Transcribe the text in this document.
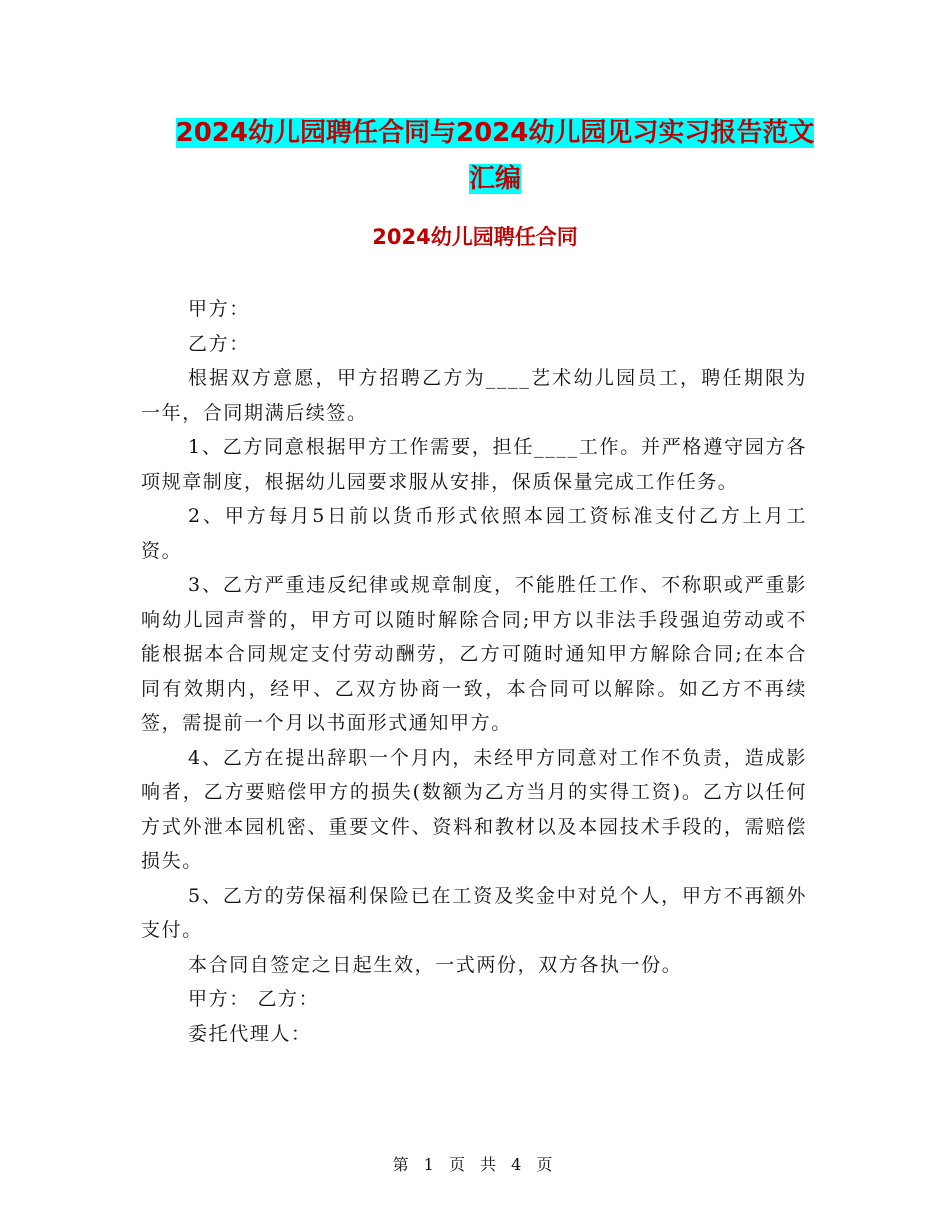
2024幼儿园聘任合同与2024幼儿园见习实习报告范文
汇编
2024幼儿园聘任合同

甲方：

乙方：

根据双方意愿，甲方招聘乙方为____艺术幼儿园员工，聘任期限为一年，合同期满后续签。

1、乙方同意根据甲方工作需要，担任____工作。并严格遵守园方各项规章制度，根据幼儿园要求服从安排，保质保量完成工作任务。

2、甲方每月5日前以货币形式依照本园工资标准支付乙方上月工资。

3、乙方严重违反纪律或规章制度，不能胜任工作、不称职或严重影响幼儿园声誉的，甲方可以随时解除合同;甲方以非法手段强迫劳动或不能根据本合同规定支付劳动酬劳，乙方可随时通知甲方解除合同;在本合同有效期内，经甲、乙双方协商一致，本合同可以解除。如乙方不再续签，需提前一个月以书面形式通知甲方。

4、乙方在提出辞职一个月内，未经甲方同意对工作不负责，造成影响者，乙方要赔偿甲方的损失(数额为乙方当月的实得工资)。乙方以任何方式外泄本园机密、重要文件、资料和教材以及本园技术手段的，需赔偿损失。

5、乙方的劳保福利保险已在工资及奖金中对兑个人，甲方不再额外支付。

本合同自签定之日起生效，一式两份，双方各执一份。

甲方： 乙方：

委托代理人：

第 1 页 共 4 页
